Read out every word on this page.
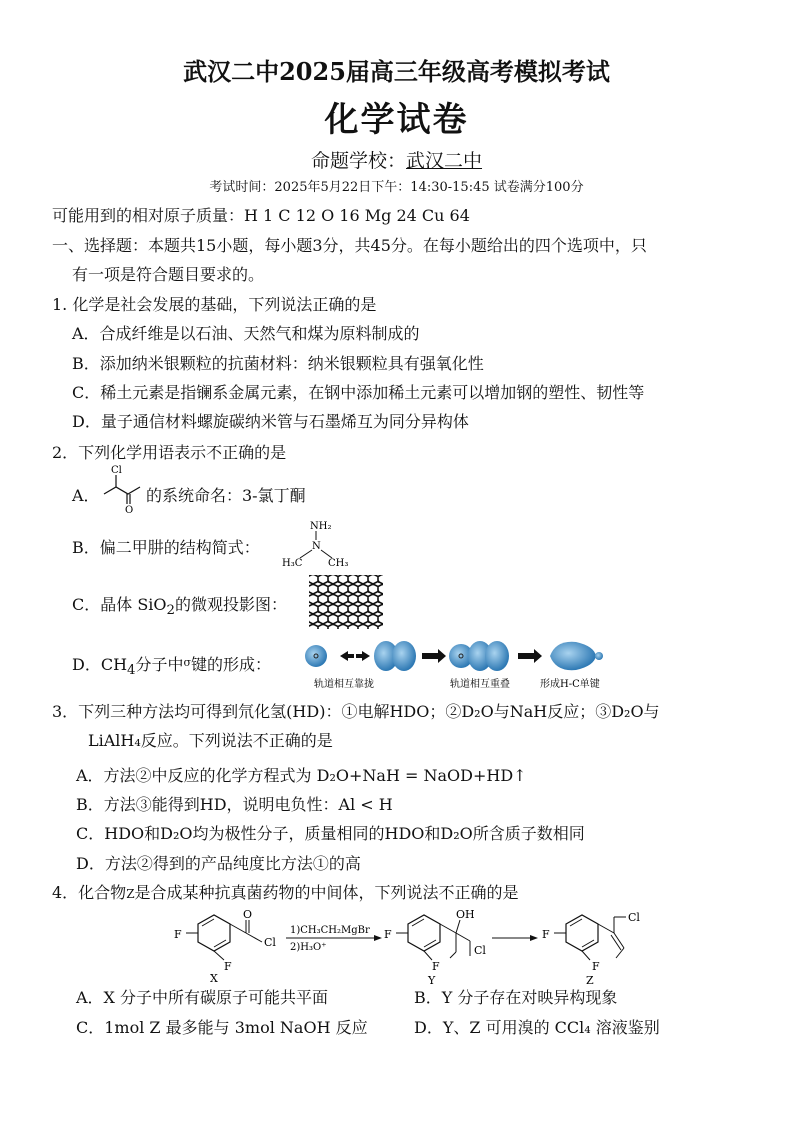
武汉二中2025届高三年级高考模拟考试
化学试卷
命题学校：武汉二中
考试时间：2025年5月22日下午：14:30-15:45 试卷满分100分
可能用到的相对原子质量：H 1 C 12 O 16 Mg 24 Cu 64
一、选择题：本题共15小题，每小题3分，共45分。在每小题给出的四个选项中，只
有一项是符合题目要求的。
1. 化学是社会发展的基础，下列说法正确的是
A．合成纤维是以石油、天然气和煤为原料制成的
B．添加纳米银颗粒的抗菌材料：纳米银颗粒具有强氧化性
C．稀土元素是指镧系金属元素，在钢中添加稀土元素可以增加钢的塑性、韧性等
D．量子通信材料螺旋碳纳米管与石墨烯互为同分异构体
2．下列化学用语表示不正确的是
A．
Cl
O
的系统命名：3-氯丁酮
B．偏二甲肼的结构简式：
NH₂
N
H₃C	CH₃
C．晶体 SiO$_2$的微观投影图：
D．$CH_4$分子中$^\sigma$键的形成：
轨道相互靠拢	轨道相互重叠	形成H-C单键
3．下列三种方法均可得到氘化氢(HD)：①电解HDO；②D₂O与NaH反应；③D₂O与
LiAlH₄反应。下列说法不正确的是
A．方法②中反应的化学方程式为 D₂O+NaH = NaOD+HD↑
B．方法③能得到HD，说明电负性：Al < H
C．HDO和D₂O均为极性分子，质量相同的HDO和D₂O所含质子数相同
D．方法②得到的产品纯度比方法①的高
4．化合物Z是合成某种抗真菌药物的中间体，下列说法不正确的是
F
F
O
Cl
X
1)CH₃CH₂MgBr
2)H₃O⁺
F
F
OH
Cl
Y
F
F
Cl
Z
A．X 分子中所有碳原子可能共平面	B．Y 分子存在对映异构现象
C．1mol Z 最多能与 3mol NaOH 反应	D．Y、Z 可用溴的 CCl₄ 溶液鉴别
